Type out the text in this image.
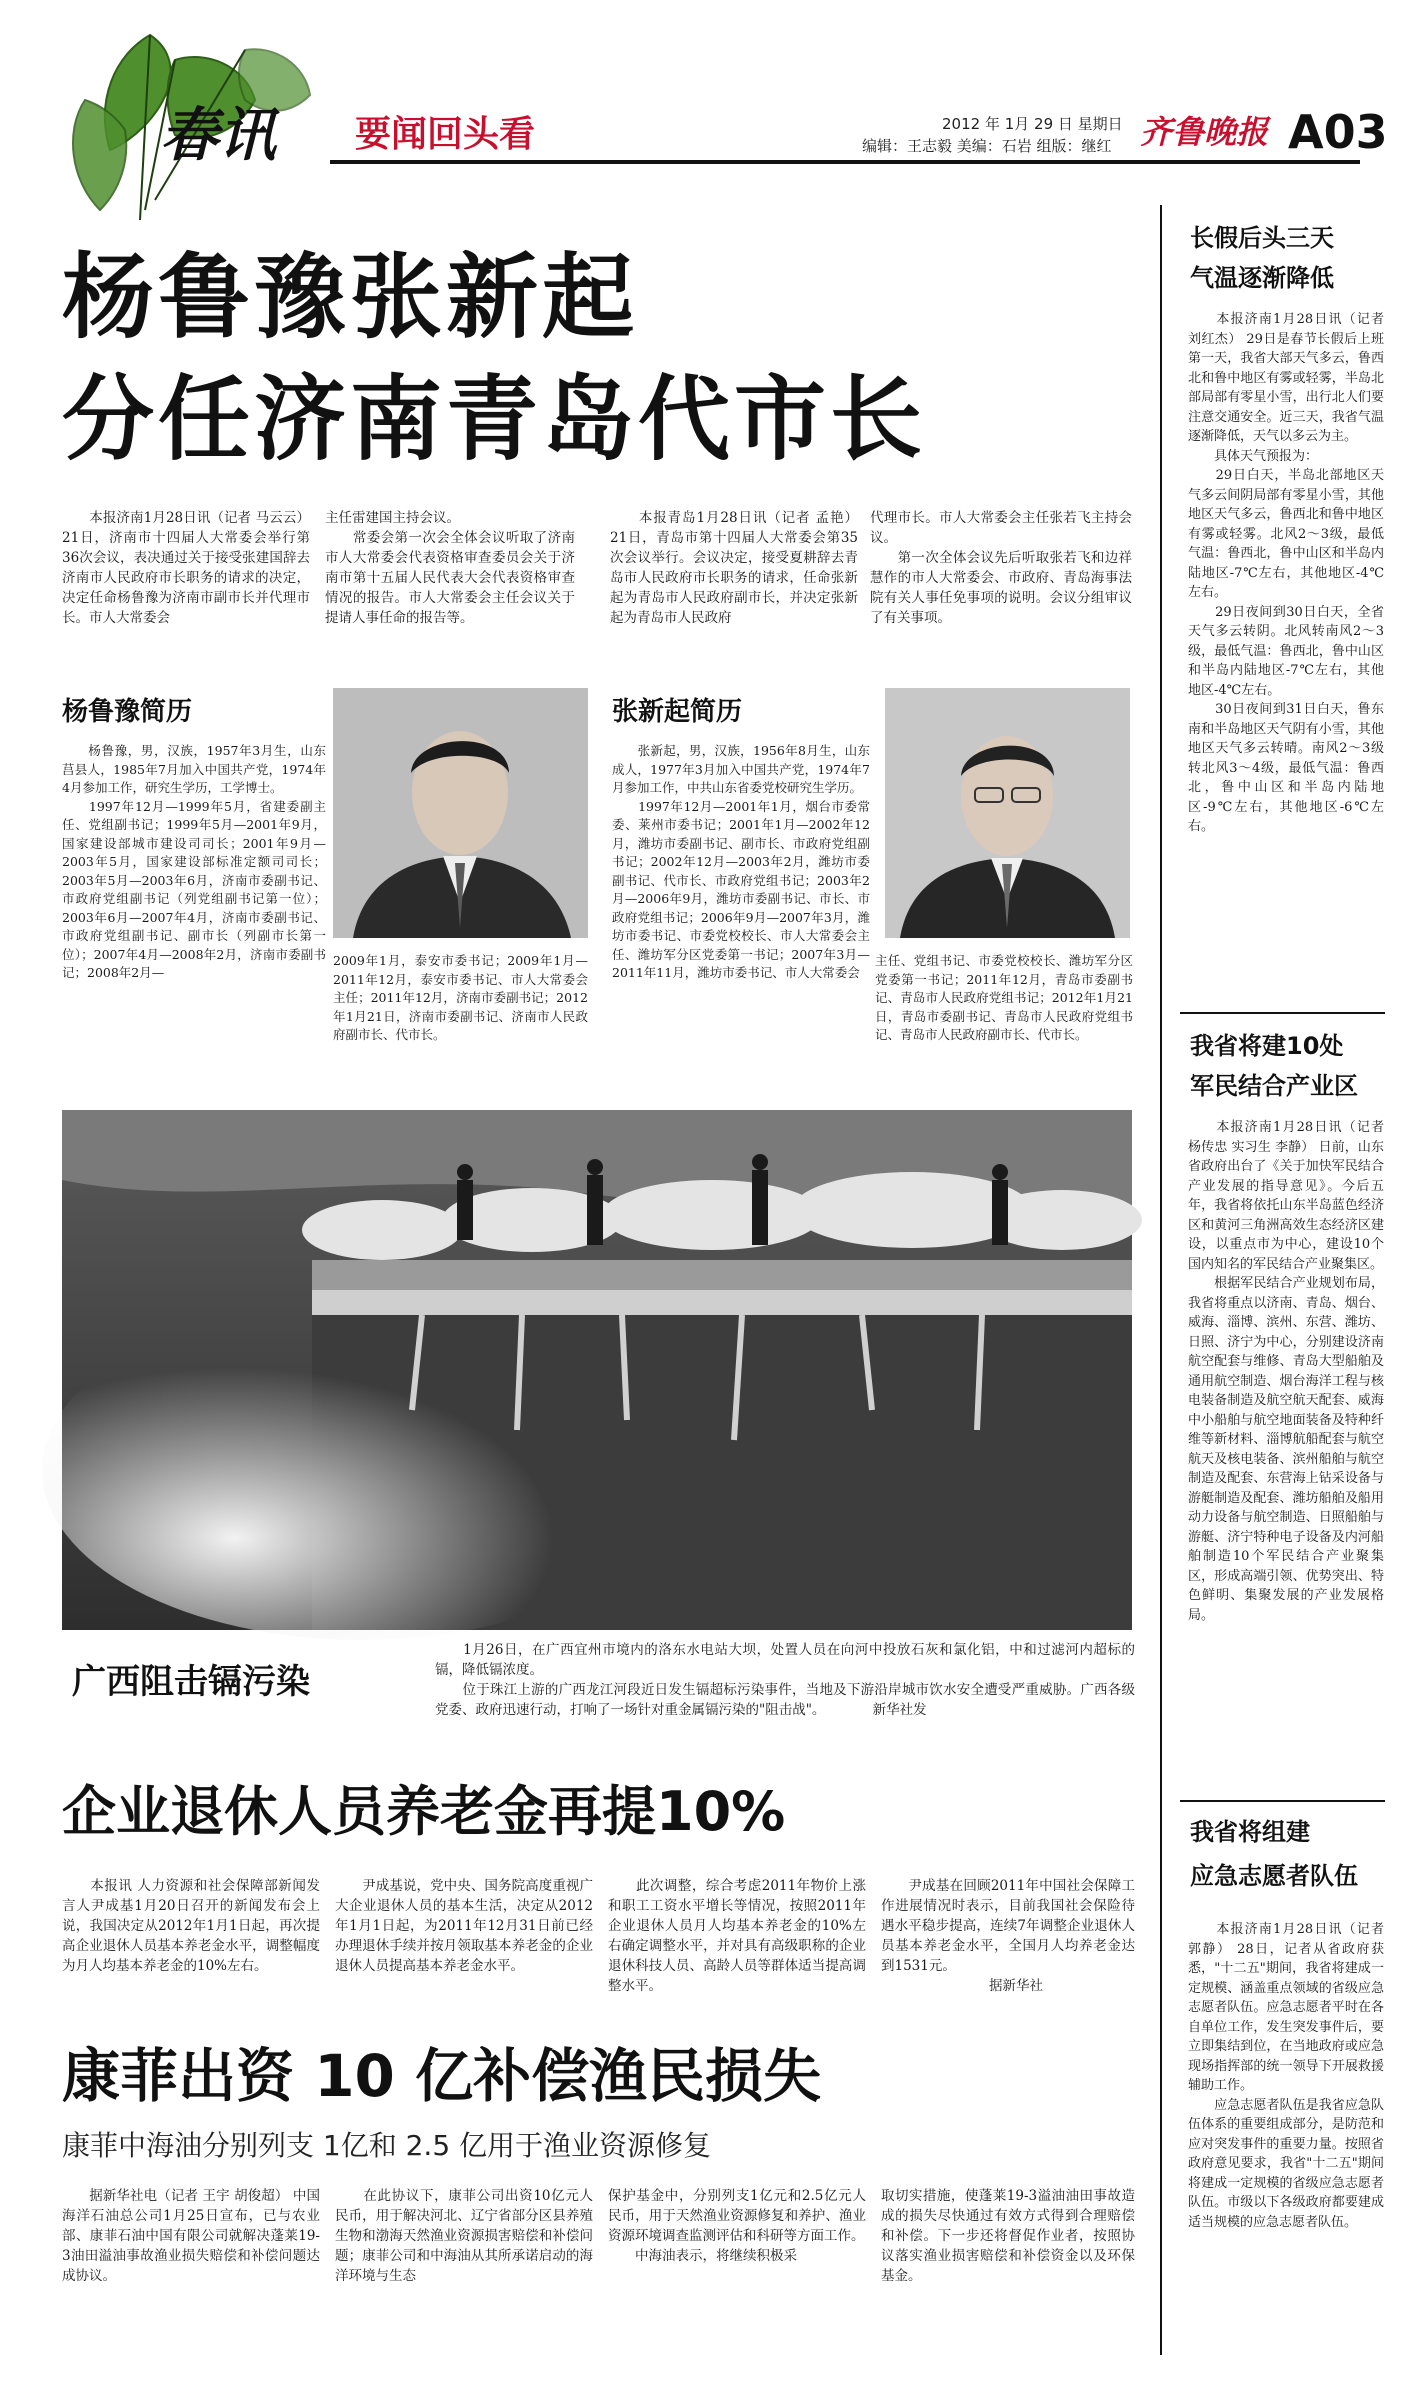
春讯 要闻回头看	2012 年 1月 29 日 星期日
编辑：王志毅 美编：石岩 组版：继红 齐鲁晚报 A03
杨鲁豫张新起
分任济南青岛代市长
　　本报济南1月28日讯（记者 马云云） 21日，济南市十四届人大常委会举行第36次会议，表决通过关于接受张建国辞去济南市人民政府市长职务的请求的决定，决定任命杨鲁豫为济南市副市长并代理市长。市人大常委会
主任雷建国主持会议。
　　常委会第一次会全体会议听取了济南市人大常委会代表资格审查委员会关于济南市第十五届人民代表大会代表资格审查情况的报告。市人大常委会主任会议关于提请人事任命的报告等。
　　本报青岛1月28日讯（记者 孟艳） 21日，青岛市第十四届人大常委会第35次会议举行。会议决定，接受夏耕辞去青岛市人民政府市长职务的请求，任命张新起为青岛市人民政府副市长，并决定张新起为青岛市人民政府
代理市长。市人大常委会主任张若飞主持会议。
　　第一次全体会议先后听取张若飞和边祥慧作的市人大常委会、市政府、青岛海事法院有关人事任免事项的说明。会议分组审议了有关事项。
杨鲁豫简历
　　杨鲁豫，男，汉族，1957年3月生，山东莒县人，1985年7月加入中国共产党，1974年4月参加工作，研究生学历，工学博士。
　　1997年12月—1999年5月，省建委副主任、党组副书记；1999年5月—2001年9月，国家建设部城市建设司司长；2001年9月—2003年5月，国家建设部标准定额司司长；2003年5月—2003年6月，济南市委副书记、市政府党组副书记（列党组副书记第一位）；2003年6月—2007年4月，济南市委副书记、市政府党组副书记、副市长（列副市长第一位）；2007年4月—2008年2月，济南市委副书记；2008年2月—
2009年1月，泰安市委书记；2009年1月—2011年12月，泰安市委书记、市人大常委会主任；2011年12月，济南市委副书记；2012年1月21日，济南市委副书记、济南市人民政府副市长、代市长。
张新起简历
　　张新起，男，汉族，1956年8月生，山东成人，1977年3月加入中国共产党，1974年7月参加工作，中共山东省委党校研究生学历。
　　1997年12月—2001年1月，烟台市委常委、莱州市委书记；2001年1月—2002年12月，潍坊市委副书记、副市长、市政府党组副书记；2002年12月—2003年2月，潍坊市委副书记、代市长、市政府党组书记；2003年2月—2006年9月，潍坊市委副书记、市长、市政府党组书记；2006年9月—2007年3月，潍坊市委书记、市委党校校长、市人大常委会主任、潍坊军分区党委第一书记；2007年3月—2011年11月，潍坊市委书记、市人大常委会
主任、党组书记、市委党校校长、潍坊军分区党委第一书记；2011年12月，青岛市委副书记、青岛市人民政府党组书记；2012年1月21日，青岛市委副书记、青岛市人民政府党组书记、青岛市人民政府副市长、代市长。
广西阻击镉污染
　　1月26日，在广西宜州市境内的洛东水电站大坝，处置人员在向河中投放石灰和氯化铝，中和过滤河内超标的镉，降低镉浓度。
　　位于珠江上游的广西龙江河段近日发生镉超标污染事件，当地及下游沿岸城市饮水安全遭受严重威胁。广西各级党委、政府迅速行动，打响了一场针对重金属镉污染的"阻击战"。　　　　新华社发
企业退休人员养老金再提10%
　　本报讯 人力资源和社会保障部新闻发言人尹成基1月20日召开的新闻发布会上说，我国决定从2012年1月1日起，再次提高企业退休人员基本养老金水平，调整幅度为月人均基本养老金的10%左右。
　　尹成基说，党中央、国务院高度重视广大企业退休人员的基本生活，决定从2012年1月1日起，为2011年12月31日前已经办理退休手续并按月领取基本养老金的企业退休人员提高基本养老金水平。
　　此次调整，综合考虑2011年物价上涨和职工工资水平增长等情况，按照2011年企业退休人员月人均基本养老金的10%左右确定调整水平，并对具有高级职称的企业退休科技人员、高龄人员等群体适当提高调整水平。
　　尹成基在回顾2011年中国社会保障工作进展情况时表示，目前我国社会保险待遇水平稳步提高，连续7年调整企业退休人员基本养老金水平，全国月人均养老金达到1531元。
　　　　　　　　据新华社
康菲出资 10 亿补偿渔民损失
康菲中海油分别列支 1亿和 2.5 亿用于渔业资源修复
　　据新华社电（记者 王宇 胡俊超） 中国海洋石油总公司1月25日宣布，已与农业部、康菲石油中国有限公司就解决蓬莱19-3油田溢油事故渔业损失赔偿和补偿问题达成协议。
　　在此协议下，康菲公司出资10亿元人民币，用于解决河北、辽宁省部分区县养殖生物和渤海天然渔业资源损害赔偿和补偿问题；康菲公司和中海油从其所承诺启动的海洋环境与生态
保护基金中，分别列支1亿元和2.5亿元人民币，用于天然渔业资源修复和养护、渔业资源环境调查监测评估和科研等方面工作。
　　中海油表示，将继续积极采
取切实措施，使蓬莱19-3溢油油田事故造成的损失尽快通过有效方式得到合理赔偿和补偿。下一步还将督促作业者，按照协议落实渔业损害赔偿和补偿资金以及环保基金。
长假后头三天
气温逐渐降低
　　本报济南1月28日讯（记者 刘红杰） 29日是春节长假后上班第一天，我省大部天气多云，鲁西北和鲁中地区有雾或轻雾，半岛北部局部有零星小雪，出行北人们要注意交通安全。近三天，我省气温逐渐降低，天气以多云为主。
　　具体天气预报为：
　　29日白天，半岛北部地区天气多云间阴局部有零星小雪，其他地区天气多云，鲁西北和鲁中地区有雾或轻雾。北风2～3级，最低气温：鲁西北，鲁中山区和半岛内陆地区-7℃左右，其他地区-4℃左右。
　　29日夜间到30日白天，全省天气多云转阴。北风转南风2～3级，最低气温：鲁西北，鲁中山区和半岛内陆地区-7℃左右，其他地区-4℃左右。
　　30日夜间到31日白天，鲁东南和半岛地区天气阴有小雪，其他地区天气多云转晴。南风2～3级转北风3～4级，最低气温：鲁西北，鲁中山区和半岛内陆地区-9℃左右，其他地区-6℃左右。
我省将建10处
军民结合产业区
　　本报济南1月28日讯（记者 杨传忠 实习生 李静） 日前，山东省政府出台了《关于加快军民结合产业发展的指导意见》。今后五年，我省将依托山东半岛蓝色经济区和黄河三角洲高效生态经济区建设，以重点市为中心，建设10个国内知名的军民结合产业聚集区。
　　根据军民结合产业规划布局，我省将重点以济南、青岛、烟台、威海、淄博、滨州、东营、潍坊、日照、济宁为中心，分别建设济南航空配套与维修、青岛大型船舶及通用航空制造、烟台海洋工程与核电装备制造及航空航天配套、威海中小船舶与航空地面装备及特种纤维等新材料、淄博航船配套与航空航天及核电装备、滨州船舶与航空制造及配套、东营海上钻采设备与游艇制造及配套、潍坊船舶及船用动力设备与航空制造、日照船舶与游艇、济宁特种电子设备及内河船舶制造10个军民结合产业聚集区，形成高端引领、优势突出、特色鲜明、集聚发展的产业发展格局。
我省将组建
应急志愿者队伍
　　本报济南1月28日讯（记者 郭静） 28日，记者从省政府获悉，"十二五"期间，我省将建成一定规模、涵盖重点领域的省级应急志愿者队伍。应急志愿者平时在各自单位工作，发生突发事件后，要立即集结到位，在当地政府或应急现场指挥部的统一领导下开展救援辅助工作。
　　应急志愿者队伍是我省应急队伍体系的重要组成部分，是防范和应对突发事件的重要力量。按照省政府意见要求，我省"十二五"期间将建成一定规模的省级应急志愿者队伍。市级以下各级政府都要建成适当规模的应急志愿者队伍。
